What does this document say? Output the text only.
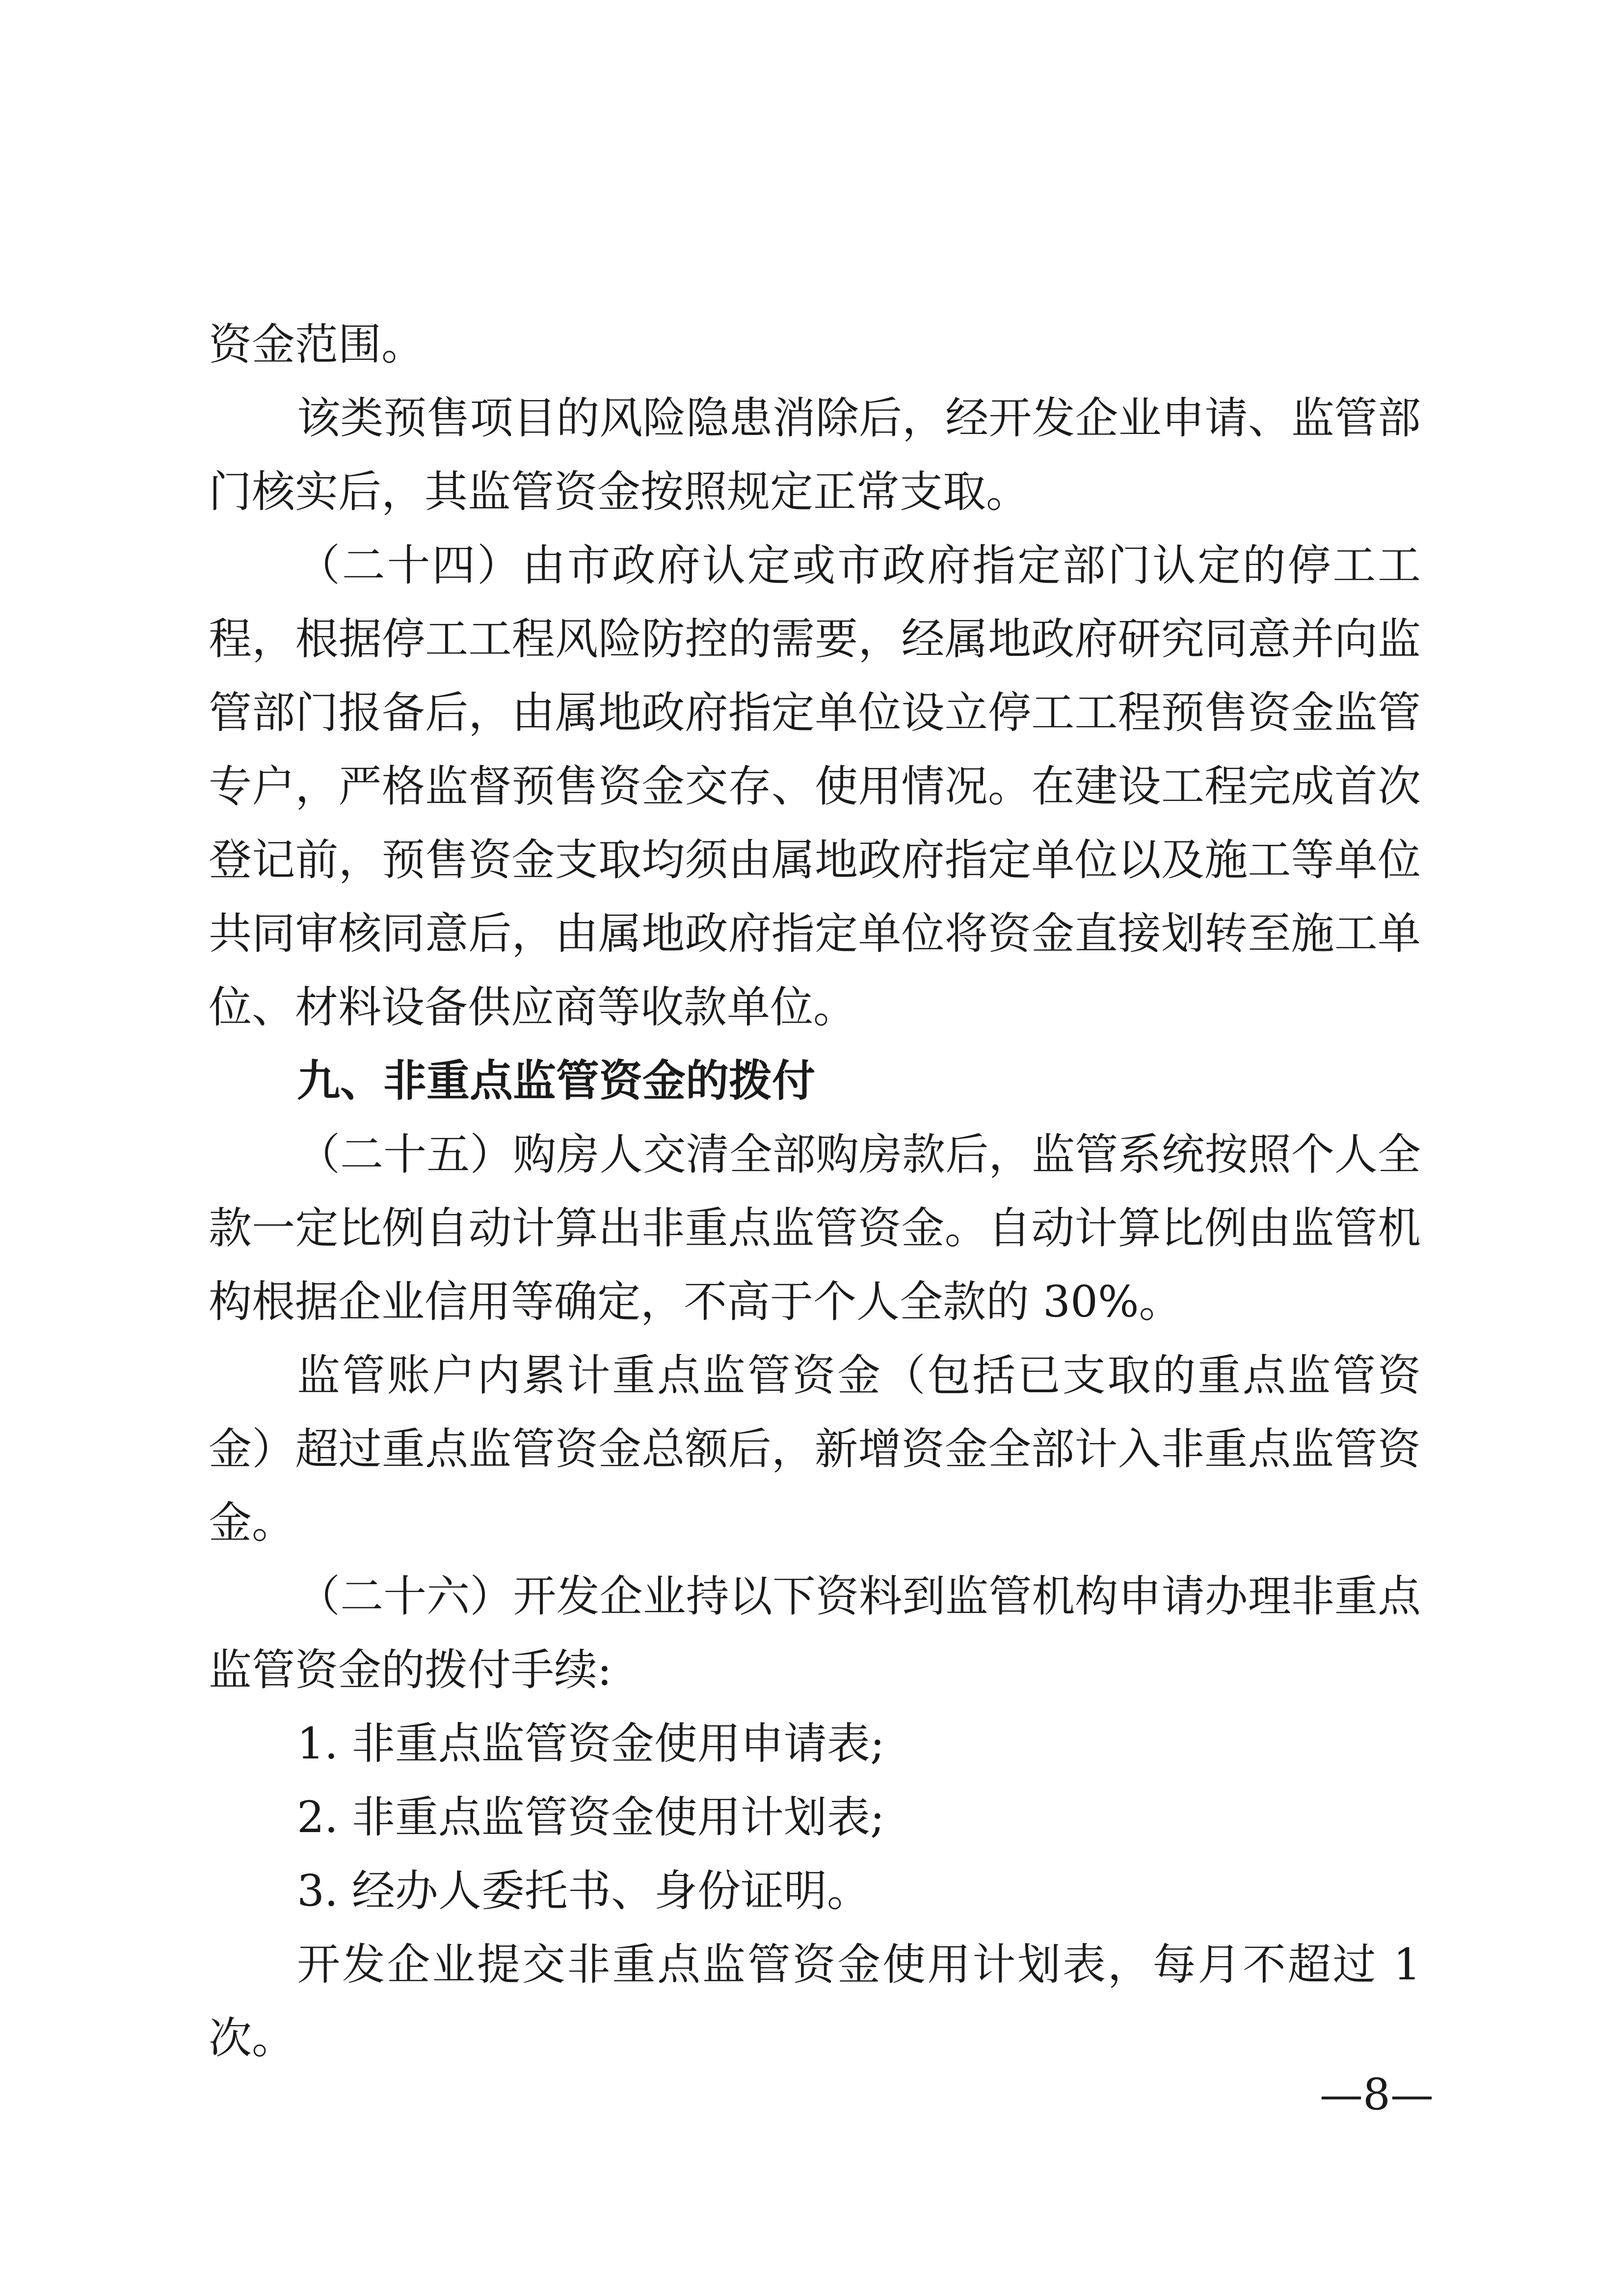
资金范围。
该类预售项目的风险隐患消除后，经开发企业申请、监管部
门核实后，其监管资金按照规定正常支取。
（二十四）由市政府认定或市政府指定部门认定的停工工
程，根据停工工程风险防控的需要，经属地政府研究同意并向监
管部门报备后，由属地政府指定单位设立停工工程预售资金监管
专户，严格监督预售资金交存、使用情况。在建设工程完成首次
登记前，预售资金支取均须由属地政府指定单位以及施工等单位
共同审核同意后，由属地政府指定单位将资金直接划转至施工单
位、材料设备供应商等收款单位。
九、非重点监管资金的拨付
（二十五）购房人交清全部购房款后，监管系统按照个人全
款一定比例自动计算出非重点监管资金。自动计算比例由监管机
构根据企业信用等确定，不高于个人全款的 30%。
监管账户内累计重点监管资金（包括已支取的重点监管资
金）超过重点监管资金总额后，新增资金全部计入非重点监管资
金。
（二十六）开发企业持以下资料到监管机构申请办理非重点
监管资金的拨付手续:
1. 非重点监管资金使用申请表;
2. 非重点监管资金使用计划表;
3. 经办人委托书、身份证明。
开发企业提交非重点监管资金使用计划表，每月不超过 1
次。
—8—
